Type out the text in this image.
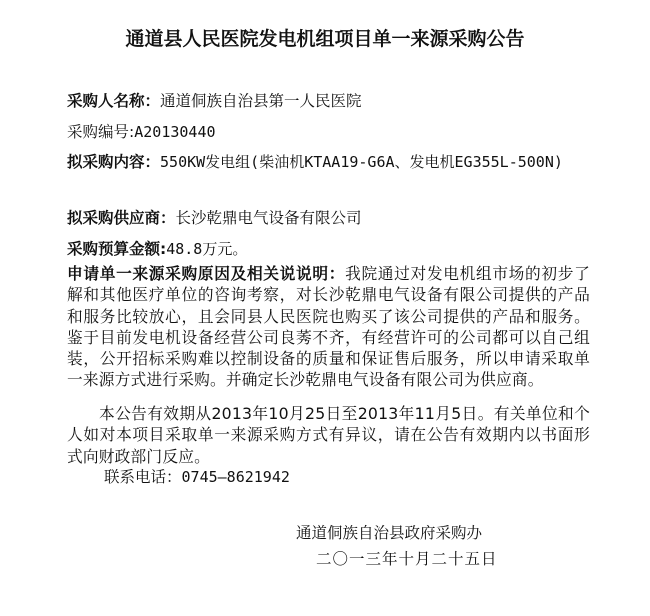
通道县人民医院发电机组项目单一来源采购公告
采购人名称：通道侗族自治县第一人民医院
采购编号:A20130440
拟采购内容：550KW发电组(柴油机KTAA19-G6A、发电机EG355L-500N)
拟采购供应商：长沙乾鼎电气设备有限公司
采购预算金额:48.8万元。
申请单一来源采购原因及相关说说明：我院通过对发电机组市场的初步了解和其他医疗单位的咨询考察，对长沙乾鼎电气设备有限公司提供的产品和服务比较放心，且会同县人民医院也购买了该公司提供的产品和服务。鉴于目前发电机设备经营公司良莠不齐，有经营许可的公司都可以自己组装，公开招标采购难以控制设备的质量和保证售后服务，所以申请采取单一来源方式进行采购。并确定长沙乾鼎电气设备有限公司为供应商。
本公告有效期从2013年10月25日至2013年11月5日。有关单位和个人如对本项目采取单一来源采购方式有异议，请在公告有效期内以书面形式向财政部门反应。
联系电话：0745—8621942
通道侗族自治县政府采购办
二〇一三年十月二十五日
